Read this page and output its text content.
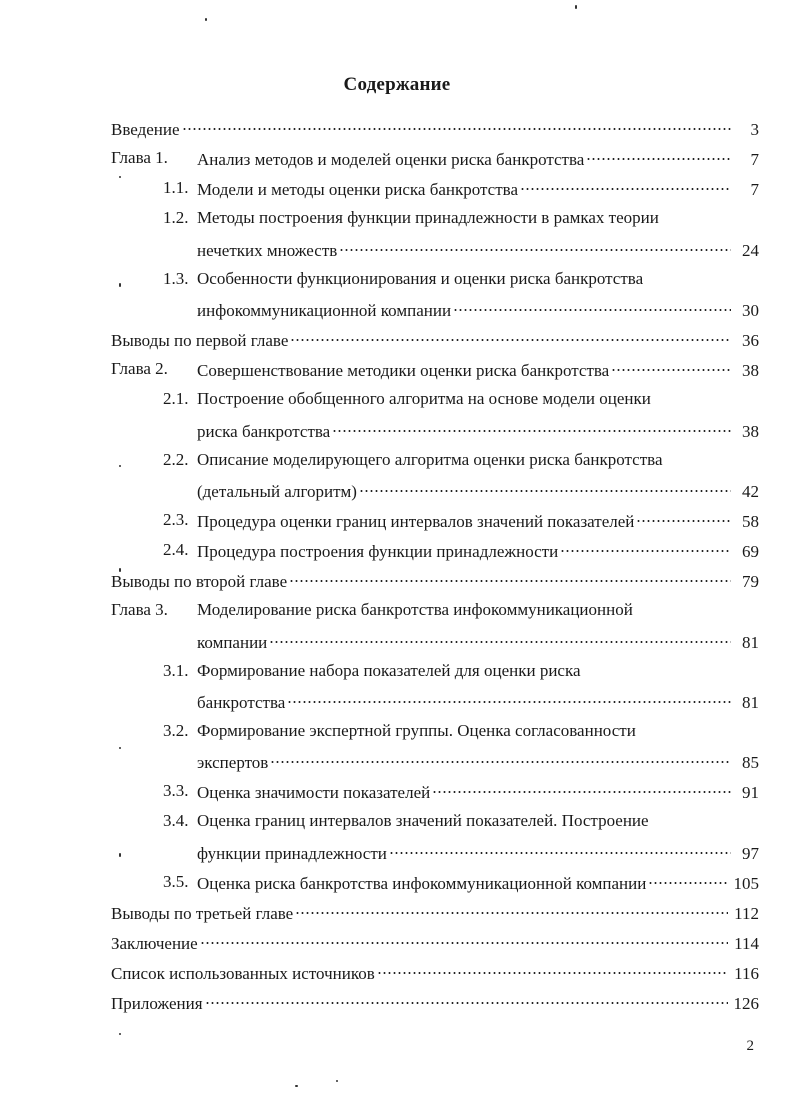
Содержание
Введение	3
Глава 1. Анализ методов и моделей оценки риска банкротства	7
1.1. Модели и методы оценки риска банкротства	7
1.2. Методы построения функции принадлежности в рамках теории
нечетких множеств	24
1.3. Особенности функционирования и оценки риска банкротства
инфокоммуникационной компании	30
Выводы по первой главе	36
Глава 2. Совершенствование методики оценки риска банкротства	38
2.1. Построение обобщенного алгоритма на основе модели оценки
риска банкротства	38
2.2. Описание моделирующего алгоритма оценки риска банкротства
(детальный алгоритм)	42
2.3. Процедура оценки границ интервалов значений показателей	58
2.4. Процедура построения функции принадлежности	69
Выводы по второй главе	79
Глава 3. Моделирование риска банкротства инфокоммуникационной
компании	81
3.1. Формирование набора показателей для оценки риска
банкротства	81
3.2. Формирование экспертной группы. Оценка согласованности
экспертов	85
3.3. Оценка значимости показателей	91
3.4. Оценка границ интервалов значений показателей. Построение
функции принадлежности	97
3.5. Оценка риска банкротства инфокоммуникационной компании	105
Выводы по третьей главе	112
Заключение	114
Список использованных источников	116
Приложения	126
2
